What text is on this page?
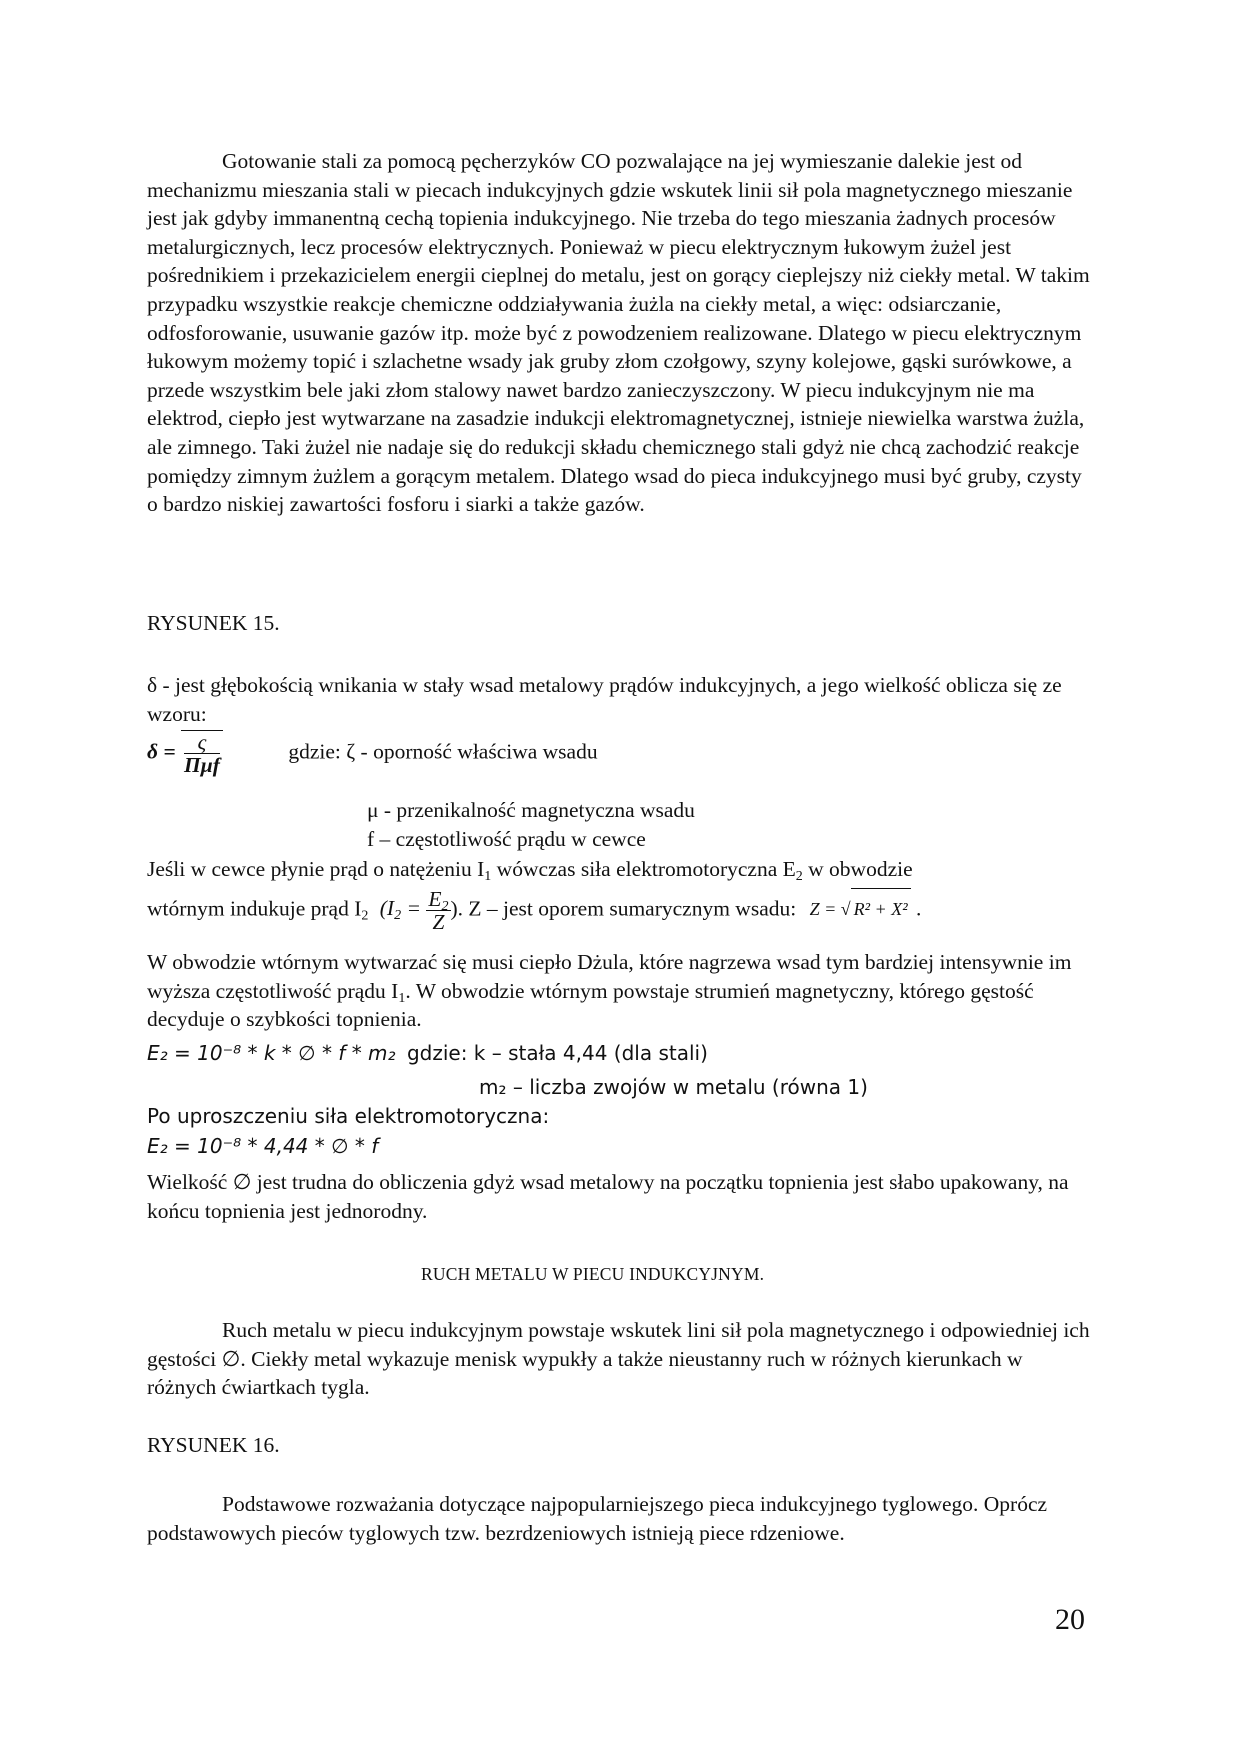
Gotowanie stali za pomocą pęcherzyków CO pozwalające na jej wymieszanie dalekie jest od mechanizmu mieszania stali w piecach indukcyjnych gdzie wskutek linii sił pola magnetycznego mieszanie jest jak gdyby immanentną cechą topienia indukcyjnego. Nie trzeba do tego mieszania żadnych procesów metalurgicznych, lecz procesów elektrycznych. Ponieważ w piecu elektrycznym łukowym żużel jest pośrednikiem i przekazicielem energii cieplnej do metalu, jest on gorący cieplejszy niż ciekły metal. W takim przypadku wszystkie reakcje chemiczne oddziaływania żużla na ciekły metal, a więc: odsiarczanie, odfosforowanie, usuwanie gazów itp. może być z powodzeniem realizowane. Dlatego w piecu elektrycznym łukowym możemy topić i szlachetne wsady jak gruby złom czołgowy, szyny kolejowe, gąski surówkowe, a przede wszystkim bele jaki złom stalowy nawet bardzo zanieczyszczony. W piecu indukcyjnym nie ma elektrod, ciepło jest wytwarzane na zasadzie indukcji elektromagnetycznej, istnieje niewielka warstwa żużla, ale zimnego. Taki żużel nie nadaje się do redukcji składu chemicznego stali gdyż nie chcą zachodzić reakcje pomiędzy zimnym żużlem a gorącym metalem. Dlatego wsad do pieca indukcyjnego musi być gruby, czysty o bardzo niskiej zawartości fosforu i siarki a także gazów.

RYSUNEK 15.

δ - jest głębokością wnikania w stały wsad metalowy prądów indukcyjnych, a jego wielkość oblicza się ze wzoru:

$\delta = \frac{\varsigma}{\text{Πμf}}$	gdzie: ζ - oporność właściwa wsadu

μ - przenikalność magnetyczna wsadu

f – częstotliwość prądu w cewce

Jeśli w cewce płynie prąd o natężeniu $I_1$ wówczas siła elektromotoryczna $E_2$ w obwodzie

wtórnym indukuje prąd $I_2$ ($I_2 = \frac{E_2}{Z}$ ). Z – jest oporem sumarycznym wsadu: Z = √ R² + X² .

W obwodzie wtórnym wytwarzać się musi ciepło Dżula, które nagrzewa wsad tym bardziej intensywnie im wyższa częstotliwość prądu $I_1$. W obwodzie wtórnym powstaje strumień magnetyczny, którego gęstość decyduje o szybkości topnienia.

E₂ = 10⁻⁸ * k * ∅ * f * m₂ gdzie: k – stała 4,44 (dla stali)

m₂ – liczba zwojów w metalu (równa 1)

Po uproszczeniu siła elektromotoryczna:

E₂ = 10⁻⁸ * 4,44 * ∅ * f

Wielkość ∅ jest trudna do obliczenia gdyż wsad metalowy na początku topnienia jest słabo upakowany, na końcu topnienia jest jednorodny.

RUCH METALU W PIECU INDUKCYJNYM.

Ruch metalu w piecu indukcyjnym powstaje wskutek lini sił pola magnetycznego i odpowiedniej ich gęstości ∅. Ciekły metal wykazuje menisk wypukły a także nieustanny ruch w różnych kierunkach w różnych ćwiartkach tygla.

RYSUNEK 16.

Podstawowe rozważania dotyczące najpopularniejszego pieca indukcyjnego tyglowego. Oprócz podstawowych pieców tyglowych tzw. bezrdzeniowych istnieją piece rdzeniowe.

20
